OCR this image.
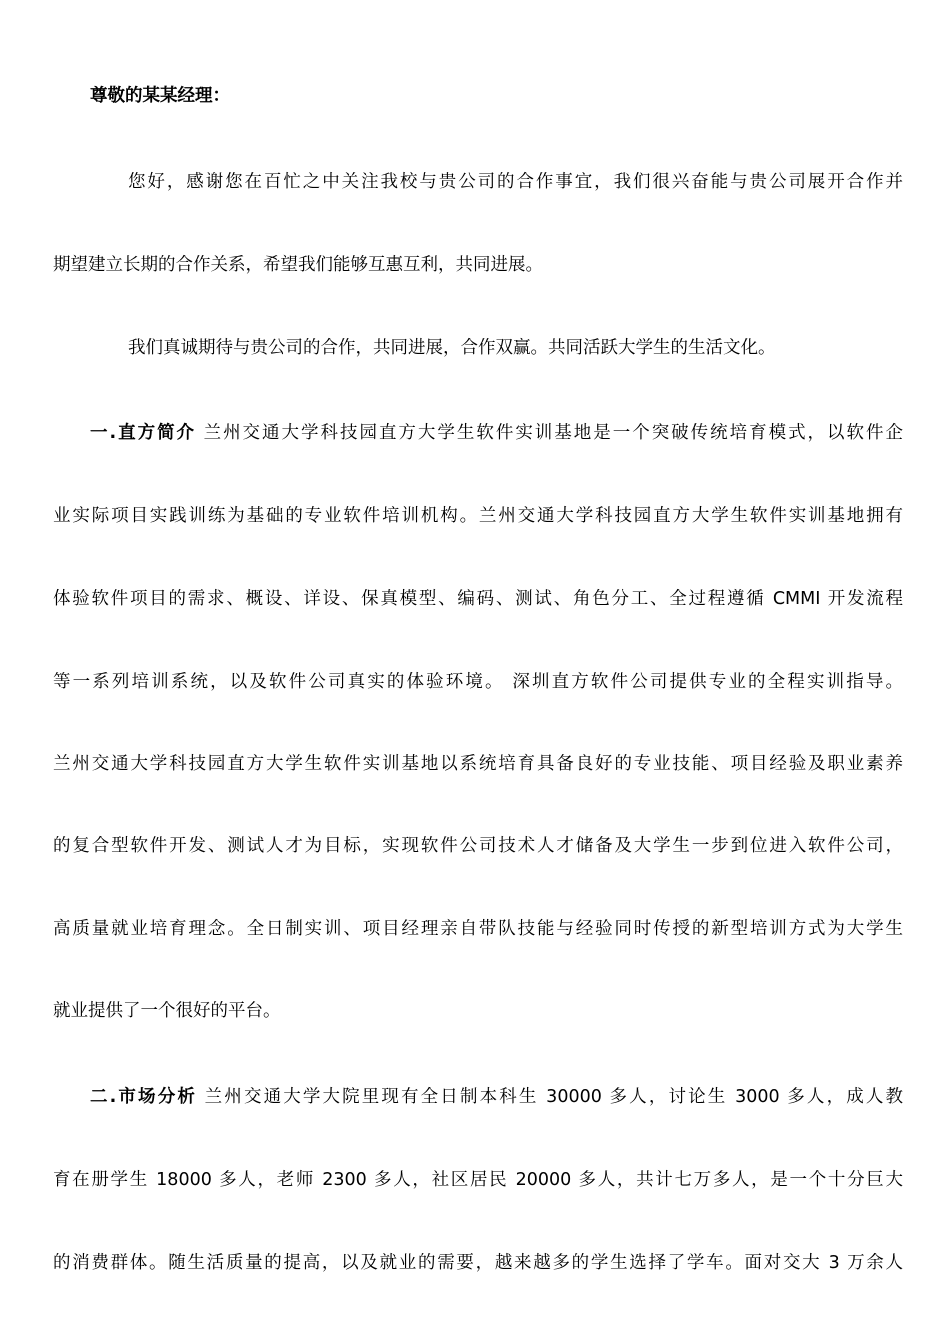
尊敬的某某经理：
您好，感谢您在百忙之中关注我校与贵公司的合作事宜，我们很兴奋能与贵公司展开合作并
期望建立长期的合作关系，希望我们能够互惠互利，共同进展。
我们真诚期待与贵公司的合作，共同进展，合作双赢。共同活跃大学生的生活文化。
一.直方简介 兰州交通大学科技园直方大学生软件实训基地是一个突破传统培育模式，以软件企
业实际项目实践训练为基础的专业软件培训机构。兰州交通大学科技园直方大学生软件实训基地拥有
体验软件项目的需求、概设、详设、保真模型、编码、测试、角色分工、全过程遵循 CMMI 开发流程
等一系列培训系统，以及软件公司真实的体验环境。 深圳直方软件公司提供专业的全程实训指导。
兰州交通大学科技园直方大学生软件实训基地以系统培育具备良好的专业技能、项目经验及职业素养
的复合型软件开发、测试人才为目标，实现软件公司技术人才储备及大学生一步到位进入软件公司，
高质量就业培育理念。全日制实训、项目经理亲自带队技能与经验同时传授的新型培训方式为大学生
就业提供了一个很好的平台。
二.市场分析 兰州交通大学大院里现有全日制本科生 30000 多人，讨论生 3000 多人，成人教
育在册学生 18000 多人，老师 2300 多人，社区居民 20000 多人，共计七万多人，是一个十分巨大
的消费群体。随生活质量的提高，以及就业的需要，越来越多的学生选择了学车。面对交大 3 万余人
